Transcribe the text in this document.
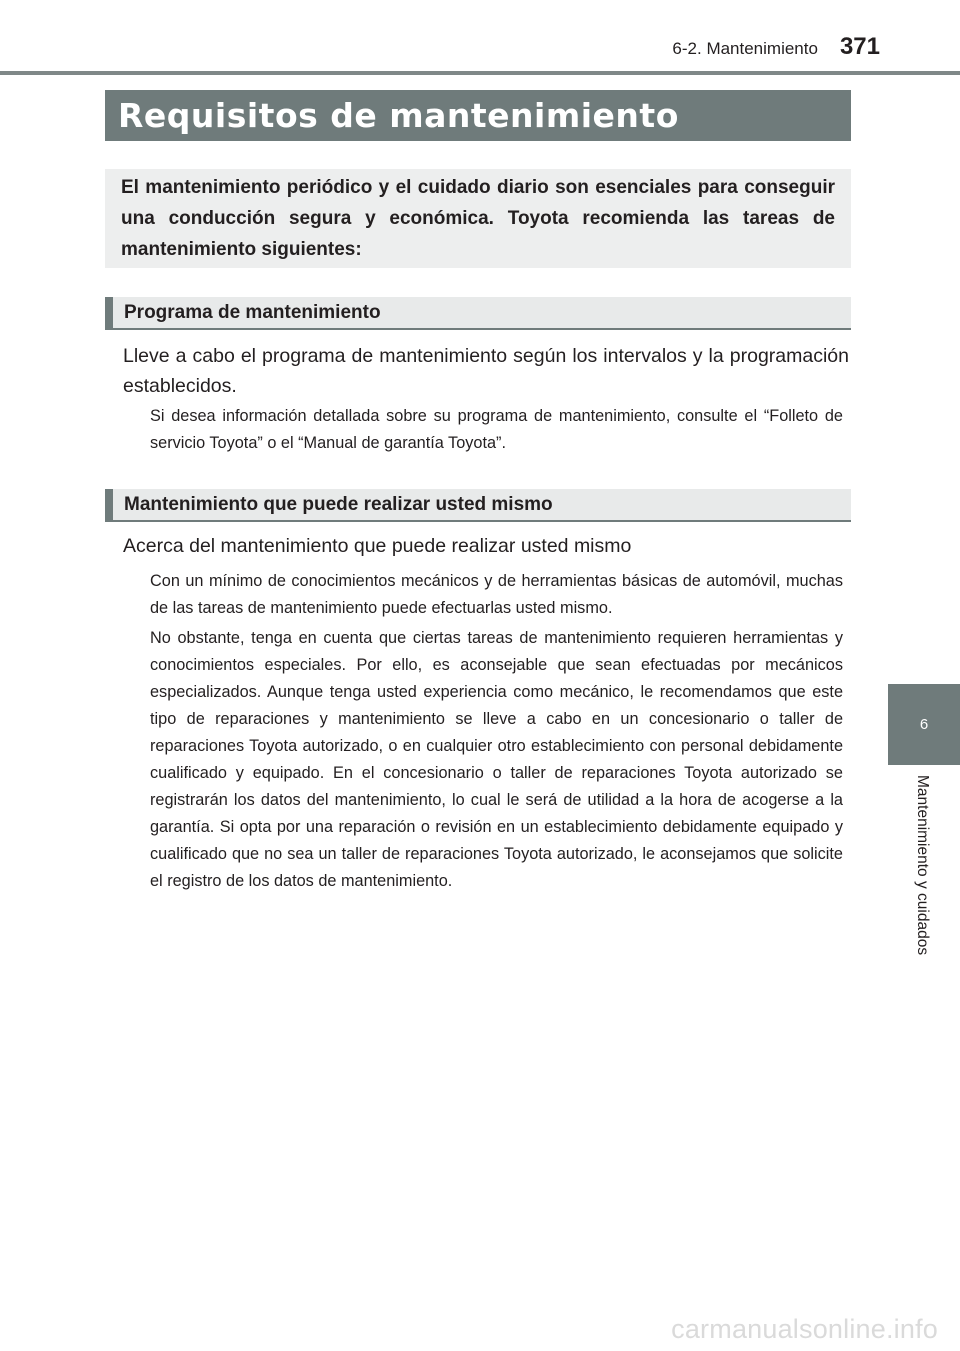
6-2. Mantenimiento 371
Requisitos de mantenimiento

El mantenimiento periódico y el cuidado diario son esenciales para conseguir una conducción segura y económica. Toyota recomienda las tareas de mantenimiento siguientes:

Programa de mantenimiento

Lleve a cabo el programa de mantenimiento según los intervalos y la programación establecidos.

Si desea información detallada sobre su programa de mantenimiento, consulte el “Folleto de servicio Toyota” o el “Manual de garantía Toyota”.

Mantenimiento que puede realizar usted mismo

Acerca del mantenimiento que puede realizar usted mismo

Con un mínimo de conocimientos mecánicos y de herramientas básicas de automóvil, muchas de las tareas de mantenimiento puede efectuarlas usted mismo.

No obstante, tenga en cuenta que ciertas tareas de mantenimiento requieren herramientas y conocimientos especiales. Por ello, es aconsejable que sean efectuadas por mecánicos especializados. Aunque tenga usted experiencia como mecánico, le recomendamos que este tipo de reparaciones y mantenimiento se lleve a cabo en un concesionario o taller de reparaciones Toyota autorizado, o en cualquier otro establecimiento con personal debidamente cualificado y equipado. En el concesionario o taller de reparaciones Toyota autorizado se registrarán los datos del mantenimiento, lo cual le será de utilidad a la hora de acogerse a la garantía. Si opta por una reparación o revisión en un establecimiento debidamente equipado y cualificado que no sea un taller de reparaciones Toyota autorizado, le aconsejamos que solicite el registro de los datos de mantenimiento.

6
Mantenimiento y cuidados
carmanualsonline.info
